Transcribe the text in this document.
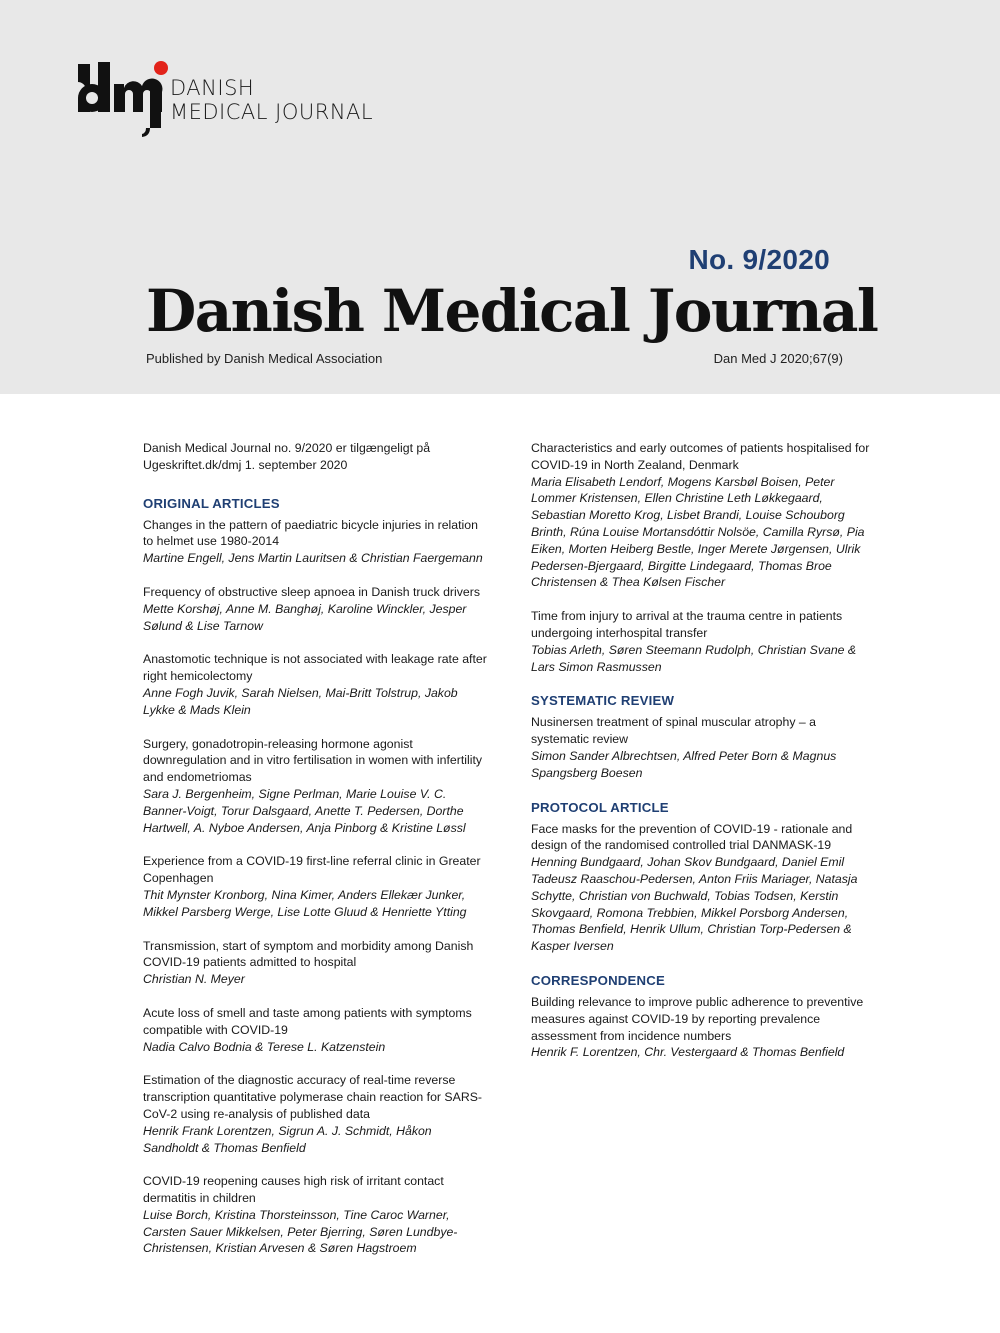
DANISH
MEDICAL JOURNAL
No. 9/2020
Danish Medical Journal
Published by Danish Medical Association	Dan Med J 2020;67(9)
Danish Medical Journal no. 9/2020 er tilgængeligt på Ugeskriftet.dk/dmj 1. september 2020
ORIGINAL ARTICLES
Changes in the pattern of paediatric bicycle injuries in relation to helmet use 1980-2014
Martine Engell, Jens Martin Lauritsen & Christian Faergemann
Frequency of obstructive sleep apnoea in Danish truck drivers
Mette Korshøj, Anne M. Banghøj, Karoline Winckler, Jesper Sølund & Lise Tarnow
Anastomotic technique is not associated with leakage rate after right hemicolectomy
Anne Fogh Juvik, Sarah Nielsen, Mai-Britt Tolstrup, Jakob Lykke & Mads Klein
Surgery, gonadotropin-releasing hormone agonist downregulation and in vitro fertilisation in women with infertility and endometriomas
Sara J. Bergenheim, Signe Perlman, Marie Louise V. C. Banner-Voigt, Torur Dalsgaard, Anette T. Pedersen, Dorthe Hartwell, A. Nyboe Andersen, Anja Pinborg & Kristine Løssl
Experience from a COVID-19 first-line referral clinic in Greater Copenhagen
Thit Mynster Kronborg, Nina Kimer, Anders Ellekær Junker, Mikkel Parsberg Werge, Lise Lotte Gluud & Henriette Ytting
Transmission, start of symptom and morbidity among Danish COVID-19 patients admitted to hospital
Christian N. Meyer
Acute loss of smell and taste among patients with symptoms compatible with COVID-19
Nadia Calvo Bodnia & Terese L. Katzenstein
Estimation of the diagnostic accuracy of real-time reverse transcription quantitative polymerase chain reaction for SARS-CoV-2 using re-analysis of published data
Henrik Frank Lorentzen, Sigrun A. J. Schmidt, Håkon Sandholdt & Thomas Benfield
COVID-19 reopening causes high risk of irritant contact dermatitis in children
Luise Borch, Kristina Thorsteinsson, Tine Caroc Warner, Carsten Sauer Mikkelsen, Peter Bjerring, Søren Lundbye-Christensen, Kristian Arvesen & Søren Hagstroem
Characteristics and early outcomes of patients hospitalised for COVID-19 in North Zealand, Denmark
Maria Elisabeth Lendorf, Mogens Karsbøl Boisen, Peter Lommer Kristensen, Ellen Christine Leth Løkkegaard, Sebastian Moretto Krog, Lisbet Brandi, Louise Schouborg Brinth, Rúna Louise Mortansdóttir Nolsöe, Camilla Ryrsø, Pia Eiken, Morten Heiberg Bestle, Inger Merete Jørgensen, Ulrik Pedersen-Bjergaard, Birgitte Lindegaard, Thomas Broe Christensen & Thea Kølsen Fischer
Time from injury to arrival at the trauma centre in patients undergoing interhospital transfer
Tobias Arleth, Søren Steemann Rudolph, Christian Svane & Lars Simon Rasmussen
SYSTEMATIC REVIEW
Nusinersen treatment of spinal muscular atrophy – a systematic review
Simon Sander Albrechtsen, Alfred Peter Born & Magnus Spangsberg Boesen
PROTOCOL ARTICLE
Face masks for the prevention of COVID-19 - rationale and design of the randomised controlled trial DANMASK-19
Henning Bundgaard, Johan Skov Bundgaard, Daniel Emil Tadeusz Raaschou-Pedersen, Anton Friis Mariager, Natasja Schytte, Christian von Buchwald, Tobias Todsen, Kerstin Skovgaard, Romona Trebbien, Mikkel Porsborg Andersen, Thomas Benfield, Henrik Ullum, Christian Torp-Pedersen & Kasper Iversen
CORRESPONDENCE
Building relevance to improve public adherence to preventive measures against COVID-19 by reporting prevalence assessment from incidence numbers
Henrik F. Lorentzen, Chr. Vestergaard & Thomas Benfield
